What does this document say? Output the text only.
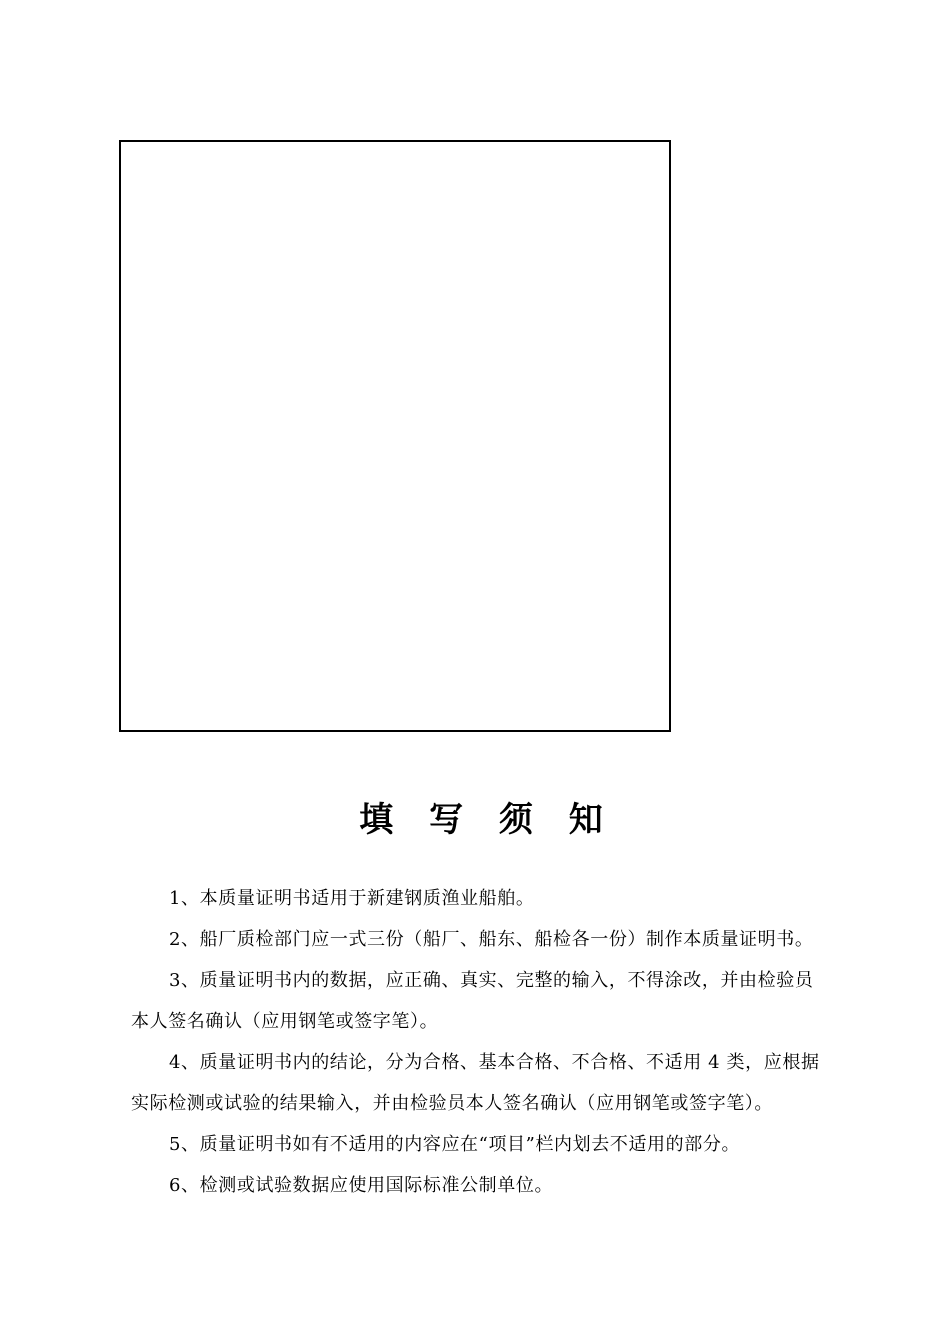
填 写 须 知
1、本质量证明书适用于新建钢质渔业船舶。
2、船厂质检部门应一式三份（船厂、船东、船检各一份）制作本质量证明书。
3、质量证明书内的数据，应正确、真实、完整的输入，不得涂改，并由检验员本人签名确认（应用钢笔或签字笔）。
4、质量证明书内的结论，分为合格、基本合格、不合格、不适用 4 类，应根据实际检测或试验的结果输入，并由检验员本人签名确认（应用钢笔或签字笔）。
5、质量证明书如有不适用的内容应在“项目”栏内划去不适用的部分。
6、检测或试验数据应使用国际标准公制单位。
